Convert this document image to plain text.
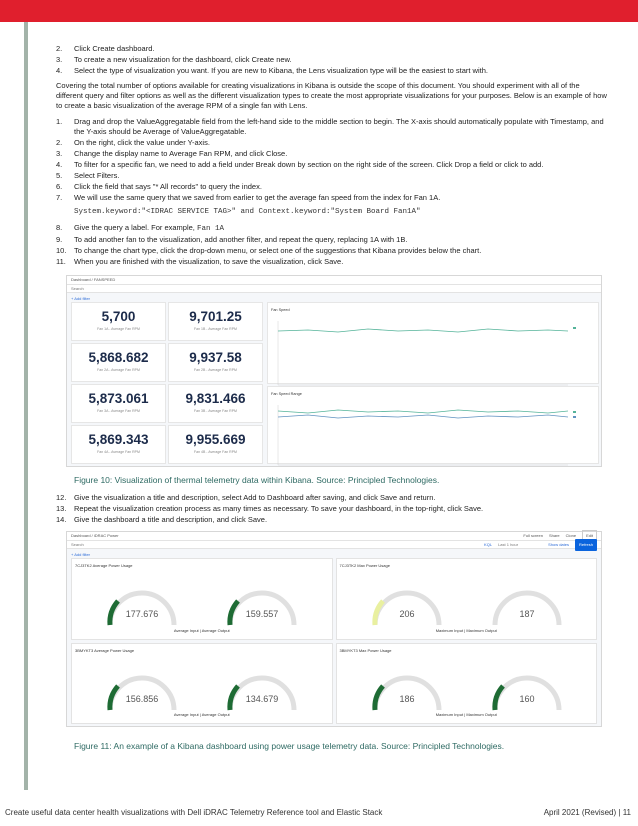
2.	Click Create dashboard.
3.	To create a new visualization for the dashboard, click Create new.
4.	Select the type of visualization you want. If you are new to Kibana, the Lens visualization type will be the easiest to start with.

Covering the total number of options available for creating visualizations in Kibana is outside the scope of this document. You should experiment with all of the different query and filter options as well as the different visualization types to create the most appropriate visualizations for your purposes. Below is an example of how to create a basic visualization of the average RPM of a single fan with Lens.

1.	Drag and drop the ValueAggregatable field from the left-hand side to the middle section to begin. The X-axis should automatically populate with Timestamp, and the Y-axis should be Average of ValueAggregatable.
2.	On the right, click the value under Y-axis.
3.	Change the display name to Average Fan RPM, and click Close.
4.	To filter for a specific fan, we need to add a field under Break down by section on the right side of the screen. Click Drop a field or click to add.
5.	Select Filters.
6.	Click the field that says "* All records" to query the index.
7.	We will use the same query that we saved from earlier to get the average fan speed from the index for Fan 1A.
System.keyword:"<IDRAC SERVICE TAG>" and Context.keyword:"System Board Fan1A"
8.	Give the query a label. For example, Fan 1A
9.	To add another fan to the visualization, add another filter, and repeat the query, replacing 1A with 1B.
10.	To change the chart type, click the drop-down menu, or select one of the suggestions that Kibana provides below the chart.
11.	When you are finished with the visualization, to save the visualization, click Save.
Dashboard / FANSPEED
Search
+ Add filter
5,700
Fan 1A - Average Fan RPM
9,701.25
Fan 1B - Average Fan RPM
5,868.682
Fan 2A - Average Fan RPM
9,937.58
Fan 2B - Average Fan RPM
5,873.061
Fan 3A - Average Fan RPM
9,831.466
Fan 3B - Average Fan RPM
5,869.343
Fan 4A - Average Fan RPM
9,955.669
Fan 4B - Average Fan RPM
Fan Speed
Fan Speed Range
Figure 10: Visualization of thermal telemetry data within Kibana. Source: Principled Technologies.
12.	Give the visualization a title and description, select Add to Dashboard after saving, and click Save and return.
13.	Repeat the visualization creation process as many times as necessary. To save your dashboard, in the top-right, click Save.
14.	Give the dashboard a title and description, and click Save.
Dashboard / iDRAC Power	Full screen Share Clone	Edit
Search	KQL Last 1 hour	Show dates	Refresh
+ Add filter
7CJ3TK2 Average Power Usage
177.676	159.557
Average Input | Average Output
7CJ3TK2 Max Power Usage
206	187
Maximum Input | Maximum Output
3BMYKT3 Average Power Usage
156.856	134.679
Average Input | Average Output
3BMYKT3 Max Power Usage
186	160
Maximum Input | Maximum Output
Figure 11: An example of a Kibana dashboard using power usage telemetry data. Source: Principled Technologies.
Create useful data center health visualizations with Dell iDRAC Telemetry Reference tool and Elastic Stack	April 2021 (Revised) | 11
